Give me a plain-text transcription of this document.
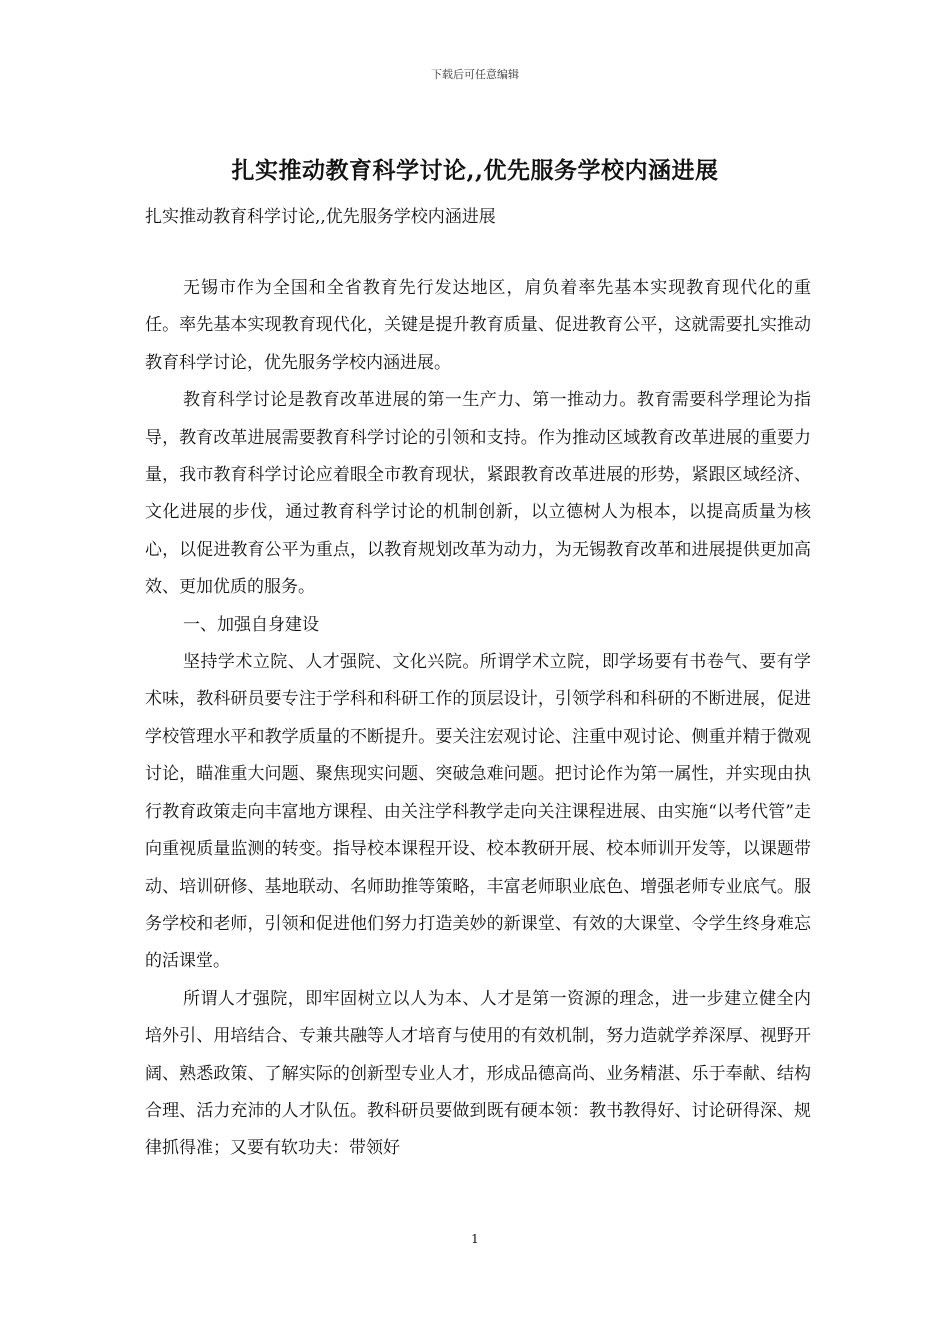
下载后可任意编辑
扎实推动教育科学讨论,,优先服务学校内涵进展
扎实推动教育科学讨论,,优先服务学校内涵进展

无锡市作为全国和全省教育先行发达地区，肩负着率先基本实现教育现代化的重任。率先基本实现教育现代化，关键是提升教育质量、促进教育公平，这就需要扎实推动教育科学讨论，优先服务学校内涵进展。

教育科学讨论是教育改革进展的第一生产力、第一推动力。教育需要科学理论为指导，教育改革进展需要教育科学讨论的引领和支持。作为推动区域教育改革进展的重要力量，我市教育科学讨论应着眼全市教育现状，紧跟教育改革进展的形势，紧跟区域经济、文化进展的步伐，通过教育科学讨论的机制创新，以立德树人为根本，以提高质量为核心，以促进教育公平为重点，以教育规划改革为动力，为无锡教育改革和进展提供更加高效、更加优质的服务。

一、加强自身建设

坚持学术立院、人才强院、文化兴院。所谓学术立院，即学场要有书卷气、要有学术味，教科研员要专注于学科和科研工作的顶层设计，引领学科和科研的不断进展，促进学校管理水平和教学质量的不断提升。要关注宏观讨论、注重中观讨论、侧重并精于微观讨论，瞄准重大问题、聚焦现实问题、突破急难问题。把讨论作为第一属性，并实现由执行教育政策走向丰富地方课程、由关注学科教学走向关注课程进展、由实施“以考代管”走向重视质量监测的转变。指导校本课程开设、校本教研开展、校本师训开发等，以课题带动、培训研修、基地联动、名师助推等策略，丰富老师职业底色、增强老师专业底气。服务学校和老师，引领和促进他们努力打造美妙的新课堂、有效的大课堂、令学生终身难忘的活课堂。

所谓人才强院，即牢固树立以人为本、人才是第一资源的理念，进一步建立健全内培外引、用培结合、专兼共融等人才培育与使用的有效机制，努力造就学养深厚、视野开阔、熟悉政策、了解实际的创新型专业人才，形成品德高尚、业务精湛、乐于奉献、结构合理、活力充沛的人才队伍。教科研员要做到既有硬本领：教书教得好、讨论研得深、规律抓得准；又要有软功夫：带领好

1
